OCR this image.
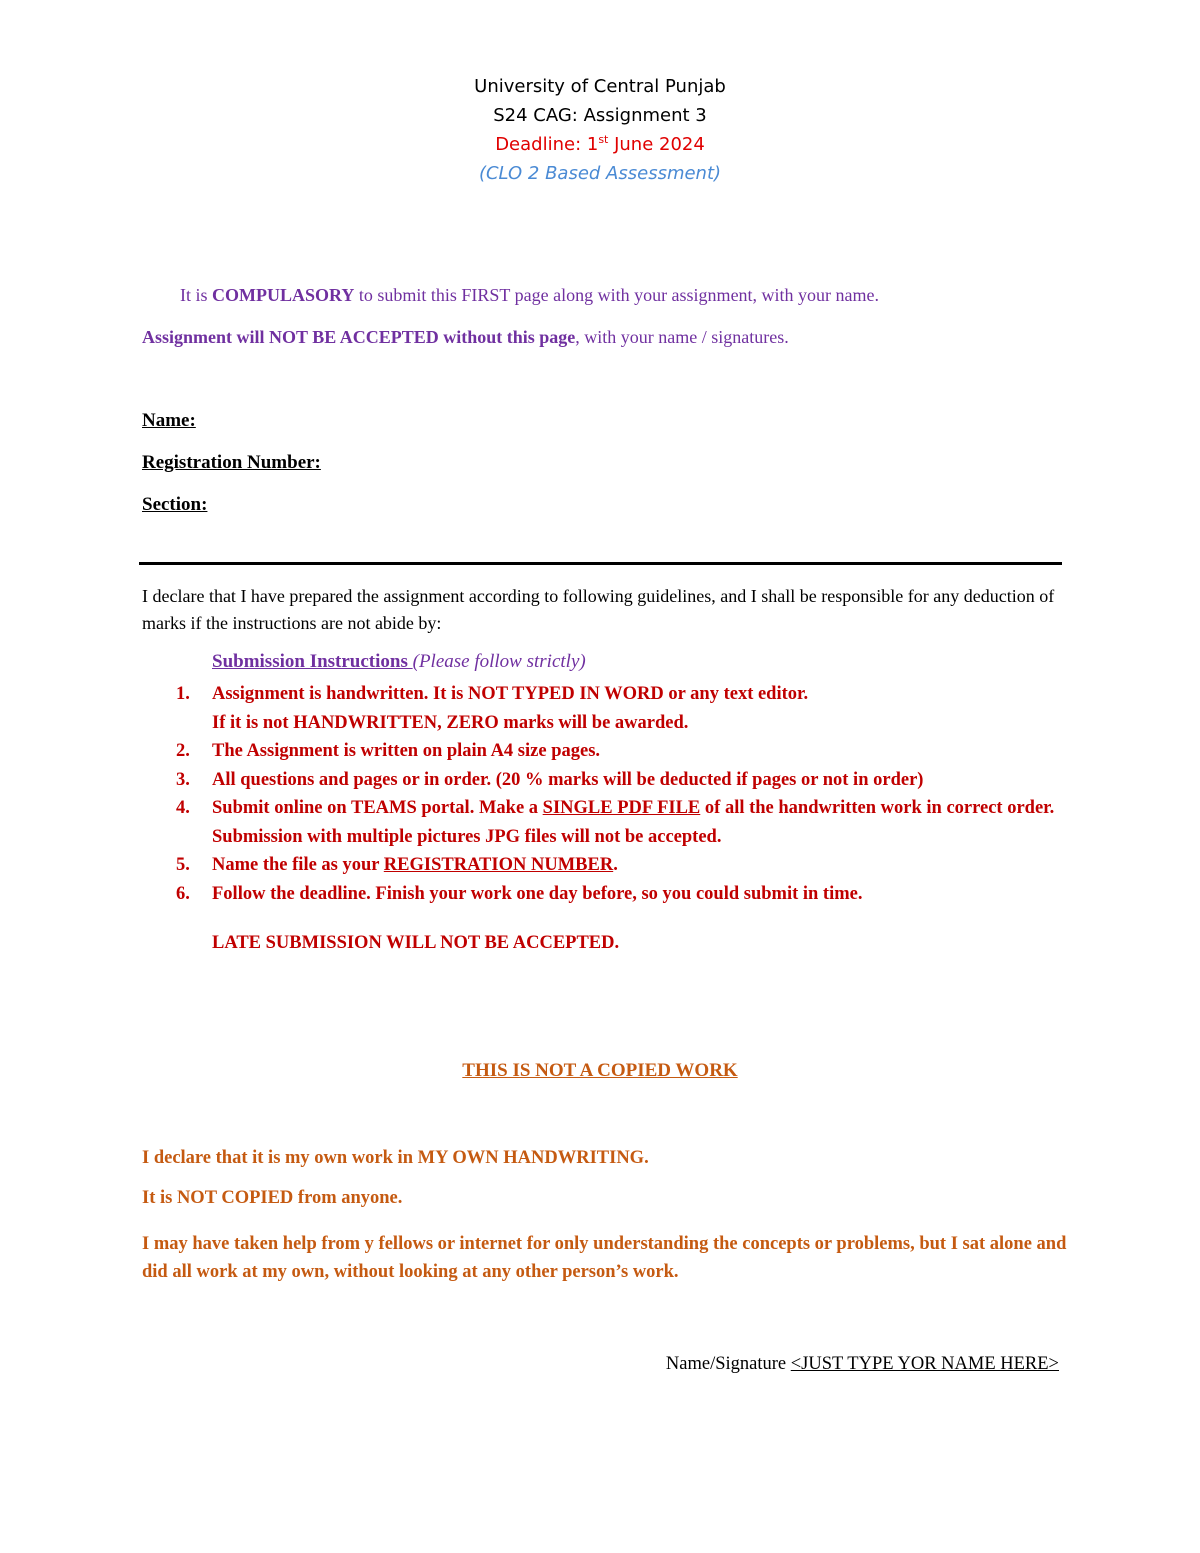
University of Central Punjab
S24 CAG: Assignment 3
Deadline: 1st June 2024
(CLO 2 Based Assessment)
It is COMPULASORY to submit this FIRST page along with your assignment, with your name.
Assignment will NOT BE ACCEPTED without this page, with your name / signatures.
Name:
Registration Number:
Section:
I declare that I have prepared the assignment according to following guidelines, and I shall be responsible for any deduction of marks if the instructions are not abide by:
Submission Instructions (Please follow strictly)
1. Assignment is handwritten. It is NOT TYPED IN WORD or any text editor.
If it is not HANDWRITTEN, ZERO marks will be awarded.
2. The Assignment is written on plain A4 size pages.
3. All questions and pages or in order. (20 % marks will be deducted if pages or not in order)
4. Submit online on TEAMS portal. Make a SINGLE PDF FILE of all the handwritten work in correct order. Submission with multiple pictures JPG files will not be accepted.
5. Name the file as your REGISTRATION NUMBER.
6. Follow the deadline. Finish your work one day before, so you could submit in time.
LATE SUBMISSION WILL NOT BE ACCEPTED.
THIS IS NOT A COPIED WORK
I declare that it is my own work in MY OWN HANDWRITING.
It is NOT COPIED from anyone.
I may have taken help from y fellows or internet for only understanding the concepts or problems, but I sat alone and did all work at my own, without looking at any other person’s work.
Name/Signature <JUST TYPE YOR NAME HERE>
